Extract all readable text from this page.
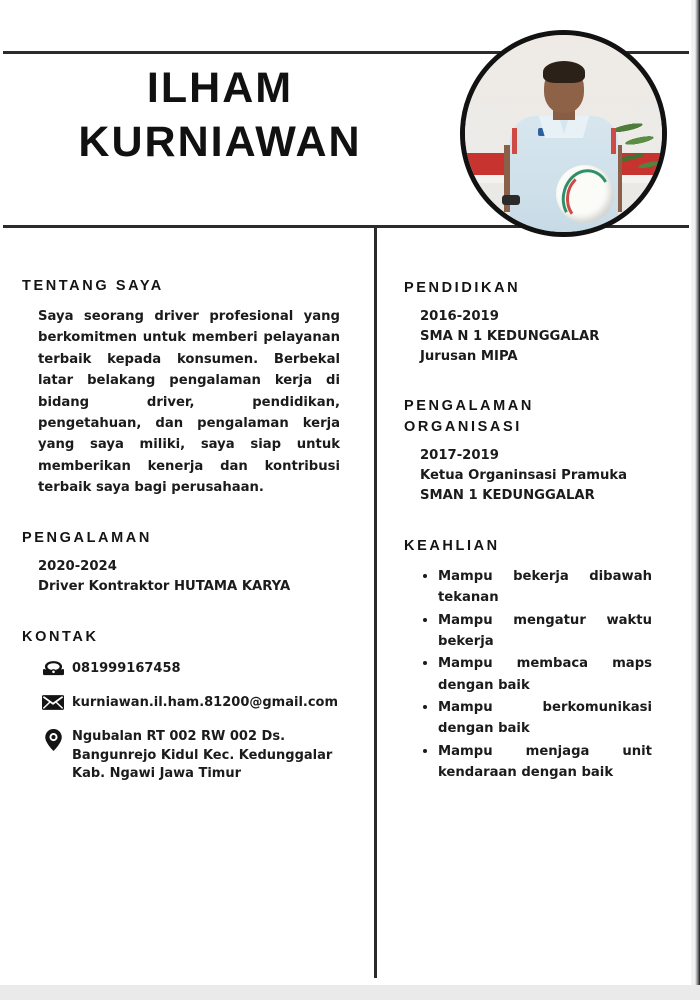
ILHAM
KURNIAWAN
TENTANG SAYA
Saya seorang driver profesional yang berkomitmen untuk memberi pelayanan terbaik kepada konsumen. Berbekal latar belakang pengalaman kerja di bidang driver, pendidikan, pengetahuan, dan pengalaman kerja yang saya miliki, saya siap untuk memberikan kenerja dan kontribusi terbaik saya bagi perusahaan.
PENGALAMAN
2020-2024
Driver Kontraktor HUTAMA KARYA
KONTAK
081999167458
kurniawan.il.ham.81200@gmail.com
Ngubalan RT 002 RW 002 Ds.
Bangunrejo Kidul Kec. Kedunggalar
Kab. Ngawi Jawa Timur
PENDIDIKAN
2016-2019
SMA N 1 KEDUNGGALAR
Jurusan MIPA
PENGALAMAN
ORGANISASI
2017-2019
Ketua Organinsasi Pramuka
SMAN 1 KEDUNGGALAR
KEAHLIAN
Mampu bekerja dibawah tekanan
Mampu mengatur waktu bekerja
Mampu membaca maps dengan baik
Mampu berkomunikasi dengan baik
Mampu menjaga unit kendaraan dengan baik
